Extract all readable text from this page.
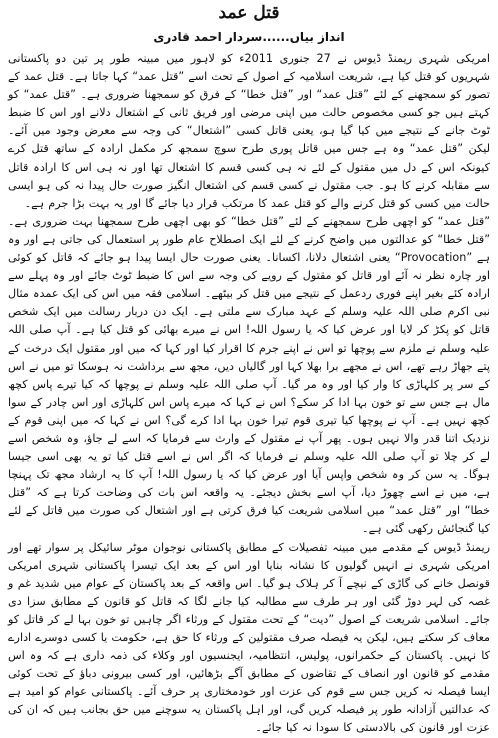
قتل عمد
انداز بیاں......سردار احمد قادری

امریکی شہری ریمنڈ ڈیوس نے 27 جنوری 2011ء کو لاہور میں مبینہ طور پر تین دو پاکستانی شہریوں کو قتل کیا ہے، شریعت اسلامیہ کے اصول کے تحت اسے ”قتل عمد“ کہا جاتا ہے۔ قتل عمد کے تصور کو سمجھنے کے لئے ”قتل عمد“ اور ”قتل خطا“ کے فرق کو سمجھنا ضروری ہے۔ ”قتل عمد“ کو کہتے ہیں جو کسی مخصوص حالت میں اپنی مرضی اور فریق ثانی کے اشتعال دلانے اور اس کا ضبط ٹوٹ جانے کے نتیجے میں کیا گیا ہو، یعنی قاتل کسی ”اشتعال“ کی وجہ سے معرض وجود میں آئے۔ لیکن ”قتل عمد“ وہ ہے جس میں قاتل پوری طرح سوچ سمجھ کر مکمل ارادہ کے ساتھ قتل کرے کیونکہ اس کے دل میں مقتول کے لئے نہ ہی کسی قسم کا اشتعال تھا اور نہ ہی اس کا ارادہ قاتل سے مقابلہ کرنے کا ہو۔ جب مقتول نے کسی قسم کی اشتعال انگیز صورت حال پیدا نہ کی ہو ایسی حالت میں کسی کو قتل کرنے والے کو قتل عمد کا مرتکب قرار دیا جائے گا اور یہ بہت بڑا جرم ہے۔

”قتل عمد“ کو اچھی طرح سمجھنے کے لئے ”قتل خطا“ کو بھی اچھی طرح سمجھنا بہت ضروری ہے۔ ”قتل خطا“ کو عدالتوں میں واضح کرنے کے لئے ایک اصطلاح عام طور پر استعمال کی جاتی ہے اور وہ ہے ”Provocation“ یعنی اشتعال دلانا، اکسانا۔ یعنی صورت حال ایسا پیدا ہو جائے کہ قاتل کو کوئی اور چارہ نظر نہ آئے اور قاتل کو مقتول کے رویے کی وجہ سے اس کا ضبط ٹوٹ جائے اور وہ پہلے سے ارادہ کئے بغیر اپنے فوری ردعمل کے نتیجے میں قتل کر بیٹھے۔ اسلامی فقہ میں اس کی ایک عمدہ مثال نبی اکرم صلی اللہ علیہ وسلم کے عہد مبارک سے ملتی ہے۔ ایک دن دربار رسالت میں ایک شخص قاتل کو پکڑ کر لایا اور عرض کیا کہ یا رسول اللہ! اس نے میرے بھائی کو قتل کیا ہے۔ آپ صلی اللہ علیہ وسلم نے ملزم سے پوچھا تو اس نے اپنے جرم کا اقرار کیا اور کہا کہ میں اور مقتول ایک درخت کے پتے جھاڑ رہے تھے، اس نے مجھے برا بھلا کہا اور گالیاں دیں، مجھ سے برداشت نہ ہوسکا تو میں نے اس کے سر پر کلہاڑی کا وار کیا اور وہ مر گیا۔ آپ صلی اللہ علیہ وسلم نے پوچھا کہ کیا تیرے پاس کچھ مال ہے جس سے تو خون بہا ادا کر سکے؟ اس نے کہا کہ میرے پاس اس کلہاڑی اور اس چادر کے سوا کچھ نہیں ہے۔ آپ نے پوچھا کیا تیری قوم تیرا خون بہا ادا کرے گی؟ اس نے کہا کہ میں اپنی قوم کے نزدیک اتنا قدر والا نہیں ہوں۔ پھر آپ نے مقتول کے وارث سے فرمایا کہ اسے لے جاؤ، وہ شخص اسے لے کر چلا تو آپ صلی اللہ علیہ وسلم نے فرمایا کہ اگر اس نے اسے قتل کیا تو یہ بھی اسی جیسا ہوگا۔ یہ سن کر وہ شخص واپس آیا اور عرض کیا کہ یا رسول اللہ! آپ کا یہ ارشاد مجھ تک پہنچا ہے، میں نے اسے چھوڑ دیا، آپ اسے بخش دیجئے۔ یہ واقعہ اس بات کی وضاحت کرتا ہے کہ ”قتل خطا“ اور ”قتل عمد“ میں اسلامی شریعت کیا فرق کرتی ہے اور اشتعال کی صورت میں قاتل کے لئے کیا گنجائش رکھی گئی ہے۔

ریمنڈ ڈیوس کے مقدمے میں مبینہ تفصیلات کے مطابق پاکستانی نوجوان موٹر سائیکل پر سوار تھے اور امریکی شہری نے انہیں گولیوں کا نشانہ بنایا اور اس کے بعد ایک تیسرا پاکستانی شہری امریکی قونصل خانے کی گاڑی کے نیچے آ کر ہلاک ہو گیا۔ اس واقعہ کے بعد پاکستان کے عوام میں شدید غم و غصہ کی لہر دوڑ گئی اور ہر طرف سے مطالبہ کیا جانے لگا کہ قاتل کو قانون کے مطابق سزا دی جائے۔ اسلامی شریعت کے اصول ”دیت“ کے تحت مقتول کے ورثاء اگر چاہیں تو خون بہا لے کر قاتل کو معاف کر سکتے ہیں، لیکن یہ فیصلہ صرف مقتولین کے ورثاء کا حق ہے، حکومت یا کسی دوسرے ادارے کا نہیں۔ پاکستان کے حکمرانوں، پولیس، انتظامیہ، ایجنسیوں اور وکلاء کی ذمہ داری ہے کہ وہ اس مقدمے کو قانون اور انصاف کے تقاضوں کے مطابق آگے بڑھائیں، اور کسی بیرونی دباؤ کے تحت کوئی ایسا فیصلہ نہ کریں جس سے قوم کی عزت اور خودمختاری پر حرف آئے۔ پاکستانی عوام کو امید ہے کہ عدالتیں آزادانہ طور پر فیصلہ کریں گی، اور اہل پاکستان یہ سوچنے میں حق بجانب ہیں کہ ان کی عزت اور قانون کی بالادستی کا سودا نہ کیا جائے۔
